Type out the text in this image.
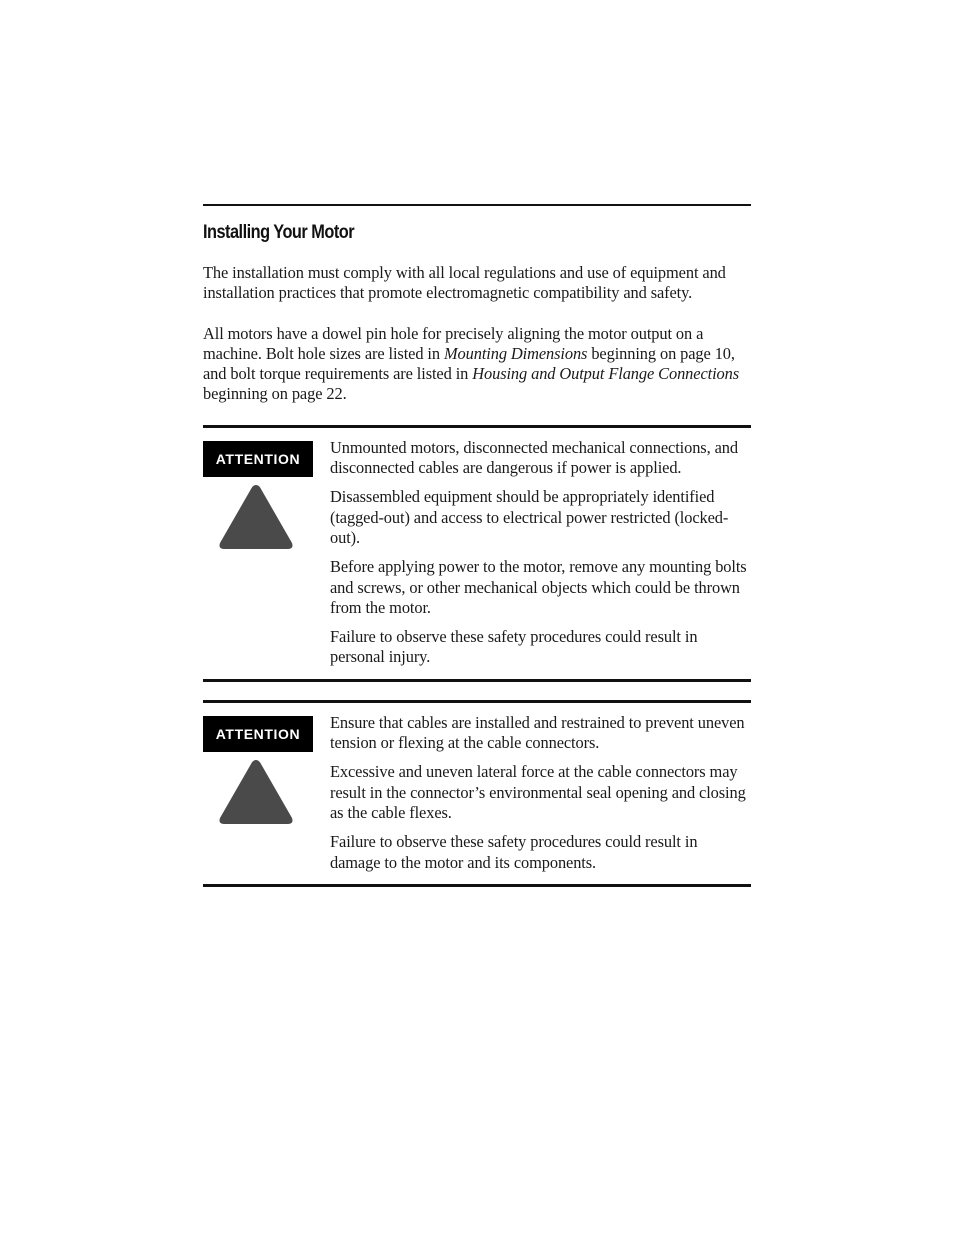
Installing Your Motor

The installation must comply with all local regulations and use of equipment and installation practices that promote electromagnetic compatibility and safety.

All motors have a dowel pin hole for precisely aligning the motor output on a machine. Bolt hole sizes are listed in Mounting Dimensions beginning on page 10, and bolt torque requirements are listed in Housing and Output Flange Connections beginning on page 22.

ATTENTION

Unmounted motors, disconnected mechanical connections, and disconnected cables are dangerous if power is applied.

Disassembled equipment should be appropriately identified (tagged-out) and access to electrical power restricted (locked-out).

Before applying power to the motor, remove any mounting bolts and screws, or other mechanical objects which could be thrown from the motor.

Failure to observe these safety procedures could result in personal injury.

ATTENTION

Ensure that cables are installed and restrained to prevent uneven tension or flexing at the cable connectors.

Excessive and uneven lateral force at the cable connectors may result in the connector’s environmental seal opening and closing as the cable flexes.

Failure to observe these safety procedures could result in damage to the motor and its components.
